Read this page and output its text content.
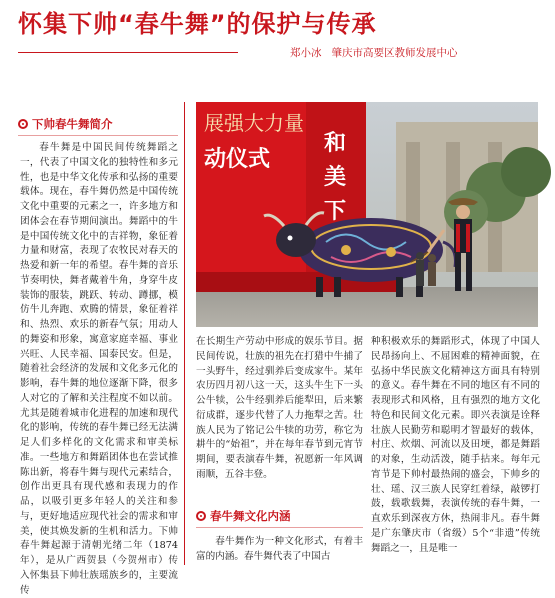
怀集下帅“春牛舞”的保护与传承
郑小冰 肇庆市高要区教师发展中心
下帅春牛舞简介

春牛舞是中国民间传统舞蹈之一，代表了中国文化的独特性和多元性，也是中华文化传承和弘扬的重要载体。现在，春牛舞仍然是中国传统文化中重要的元素之一，许多地方和团体会在春节期间演出。舞蹈中的牛是中国传统文化中的吉祥物，象征着力量和财富，表现了农牧民对春天的热爱和新一年的希望。春牛舞的音乐节奏明快，舞者戴着牛角，身穿牛皮装饰的服装，跳跃、转动、蹲挪，模仿牛儿奔跑、欢腾的情景，象征着祥和、热烈、欢乐的新春气氛；用动人的舞姿和形象，寓意家庭幸福、事业兴旺、人民幸福、国泰民安。但是，随着社会经济的发展和文化多元化的影响，春牛舞的地位逐渐下降，很多人对它的了解和关注程度不如以前。尤其是随着城市化进程的加速和现代化的影响，传统的春牛舞已经无法满足人们多样化的文化需求和审美标准。一些地方和舞蹈团体也在尝试推陈出新，将春牛舞与现代元素结合，创作出更具有现代感和表现力的作品，以吸引更多年轻人的关注和参与，更好地适应现代社会的需求和审美，使其焕发新的生机和活力。下帅春牛舞起源于清朝光绪二年（1874年），是从广西贺县（今贺州市）传入怀集县下帅壮族瑶族乡的，主要流传

展强大力量
动仪式
和
美
下

在长期生产劳动中形成的娱乐节目。据民间传说，壮族的祖先在打猎中牛捕了一头野牛，经过驯养后变成家牛。某年农历四月初八这一天，这头牛生下一头公牛犊，公牛经驯养后能犁田，后来繁衍成群，逐步代替了人力拖犁之苦。壮族人民为了铭记公牛犊的功劳，称它为耕牛的“始祖”，并在每年春节到元宵节期间，要表演春牛舞，祝愿新一年风调雨顺，五谷丰登。

春牛舞文化内涵

春牛舞作为一种文化形式，有着丰富的内涵。春牛舞代表了中国古

种积极欢乐的舞蹈形式，体现了中国人民昂扬向上、不屈困难的精神面貌，在弘扬中华民族文化精神这方面具有特别的意义。春牛舞在不同的地区有不同的表现形式和风格，且有强烈的地方文化特色和民间文化元素。即兴表演是诠释壮族人民勤劳和聪明才智最好的载体，村庄、炊烟、河流以及田埂，都是舞蹈的对象，生动活泼，随手拈来。每年元宵节是下帅村最热闹的盛会，下帅乡的壮、瑶、汉三族人民穿红着绿，敲锣打鼓，载歌载舞，表演传统的春牛舞，一直欢乐到深夜方休，热闹非凡。春牛舞是广东肇庆市（省级）5个“非遗”传统舞蹈之一，且是唯一
